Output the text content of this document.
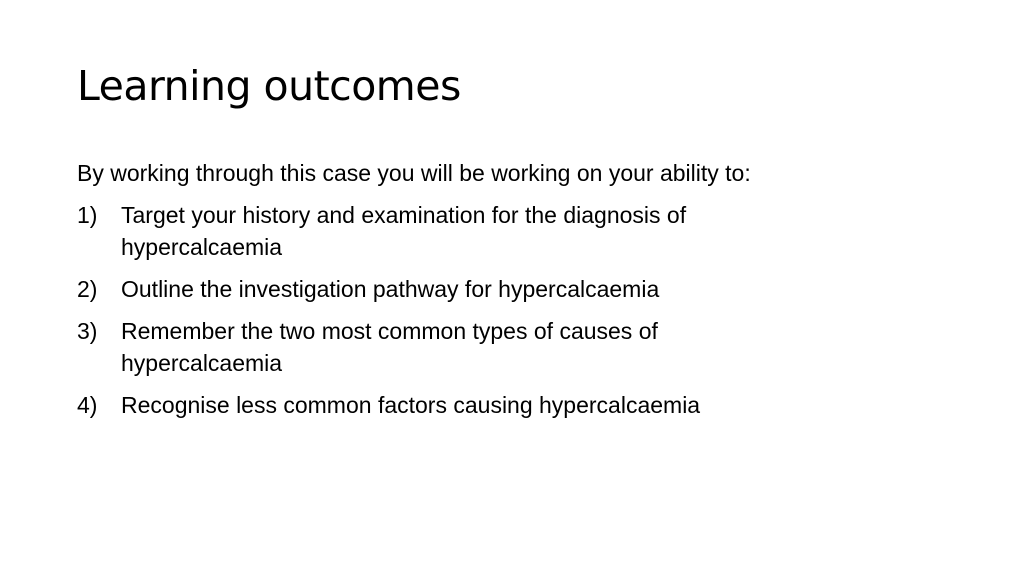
Learning outcomes

By working through this case you will be working on your ability to:

1) Target your history and examination for the diagnosis of hypercalcaemia
2) Outline the investigation pathway for hypercalcaemia
3) Remember the two most common types of causes of hypercalcaemia
4) Recognise less common factors causing hypercalcaemia
